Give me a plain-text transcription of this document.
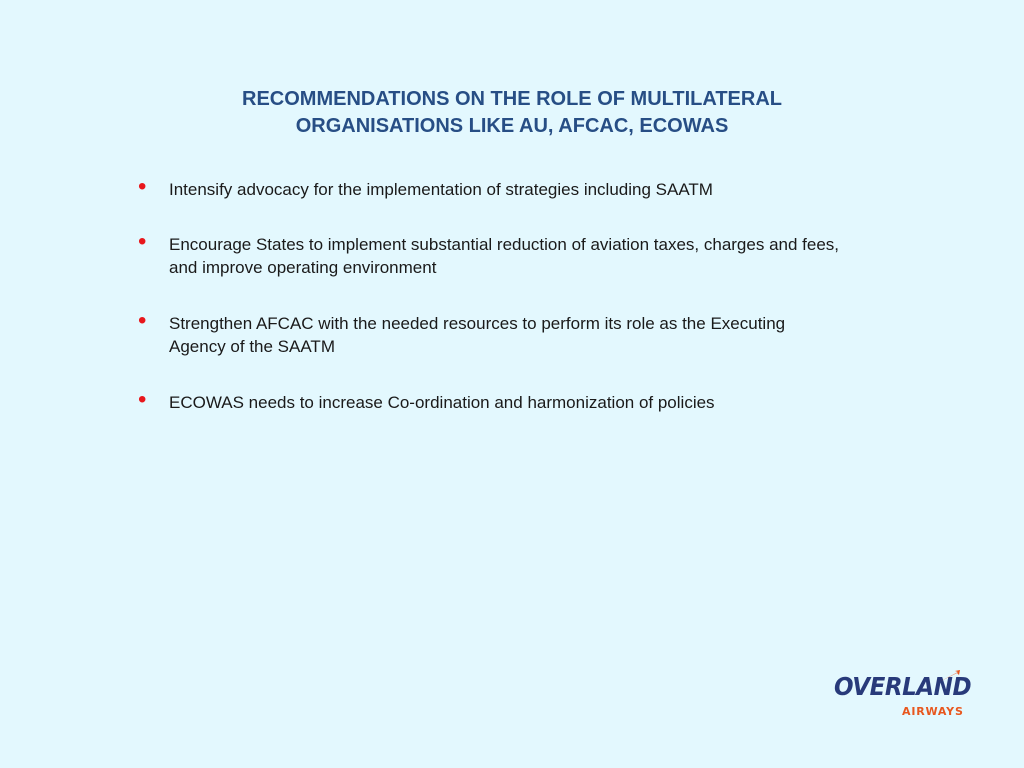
RECOMMENDATIONS ON THE ROLE OF MULTILATERAL
ORGANISATIONS LIKE AU, AFCAC, ECOWAS
• Intensify advocacy for the implementation of strategies including SAATM
• Encourage States to implement substantial reduction of aviation taxes, charges and fees,
and improve operating environment
• Strengthen AFCAC with the needed resources to perform its role as the Executing
Agency of the SAATM
• ECOWAS needs to increase Co-ordination and harmonization of policies
OVERLAND
AIRWAYS
